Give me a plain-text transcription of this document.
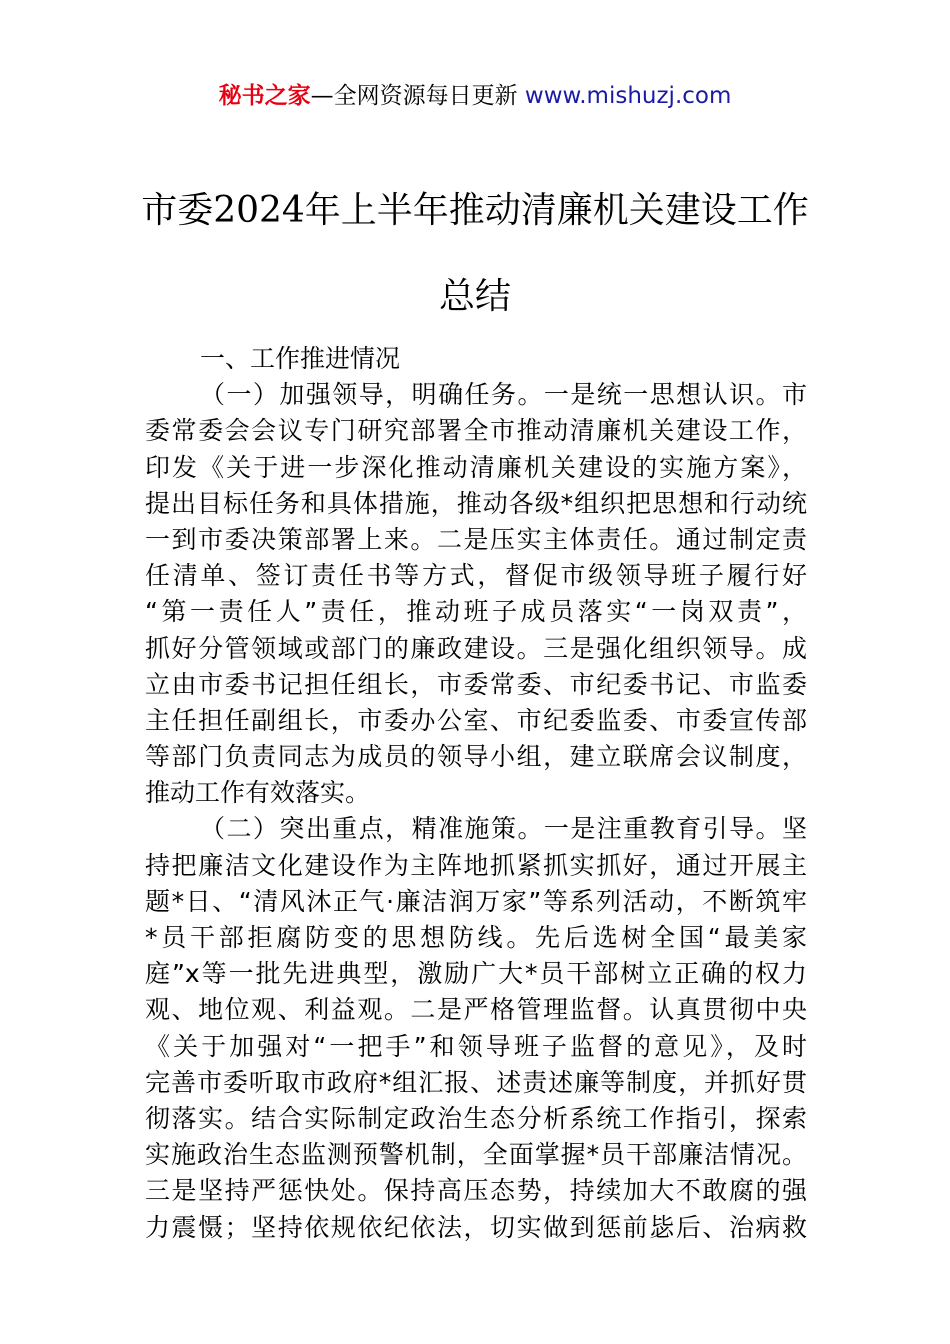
秘书之家—全网资源每日更新 www.mishuzj.com
市委2024年上半年推动清廉机关建设工作
总结
一、工作推进情况
（一）加强领导，明确任务。一是统一思想认识。市
委常委会会议专门研究部署全市推动清廉机关建设工作，
印发《关于进一步深化推动清廉机关建设的实施方案》，
提出目标任务和具体措施，推动各级*组织把思想和行动统
一到市委决策部署上来。二是压实主体责任。通过制定责
任清单、签订责任书等方式，督促市级领导班子履行好
“第一责任人”责任，推动班子成员落实“一岗双责”，
抓好分管领域或部门的廉政建设。三是强化组织领导。成
立由市委书记担任组长，市委常委、市纪委书记、市监委
主任担任副组长，市委办公室、市纪委监委、市委宣传部
等部门负责同志为成员的领导小组，建立联席会议制度，
推动工作有效落实。
（二）突出重点，精准施策。一是注重教育引导。坚
持把廉洁文化建设作为主阵地抓紧抓实抓好，通过开展主
题*日、“清风沐正气·廉洁润万家”等系列活动，不断筑牢
*员干部拒腐防变的思想防线。先后选树全国“最美家
庭”x等一批先进典型，激励广大*员干部树立正确的权力
观、地位观、利益观。二是严格管理监督。认真贯彻中央
《关于加强对“一把手”和领导班子监督的意见》，及时
完善市委听取市政府*组汇报、述责述廉等制度，并抓好贯
彻落实。结合实际制定政治生态分析系统工作指引，探索
实施政治生态监测预警机制，全面掌握*员干部廉洁情况。
三是坚持严惩快处。保持高压态势，持续加大不敢腐的强
力震慑；坚持依规依纪依法，切实做到惩前毖后、治病救
